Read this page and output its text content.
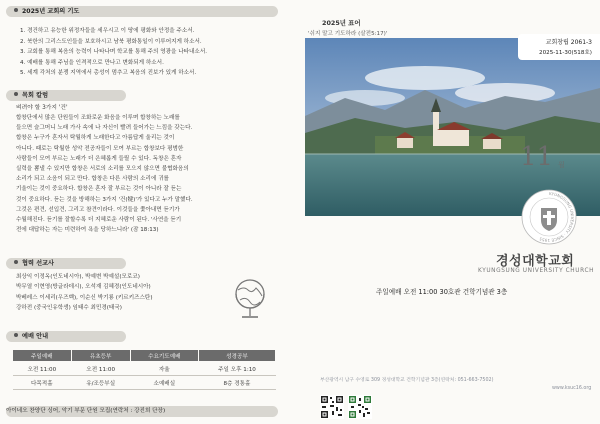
2025년 교회의 기도
1. 경건하고 유능한 위정자들을 세우시고 이 땅에 평화와 안정을 주소서.
2. 북한의 그리스도인들을 보호하시고 남북 평화통일이 이루어지게 하소서.
3. 교회를 통해 복음의 능력이 나타나며 학교를 통해 주의 영광을 나타내소서.
4. 예배를 통해 주님을 인격적으로 만나고 변화되게 하소서.
5. 세계 각처의 분쟁 지역에서 총성이 멈추고 복음의 진보가 있게 하소서.
목회 칼럼
벼려야 할 3가지 '건'

합창단에서 많은 단원들이 조화로운 화음을 이루며 합창하는 노래를

들으면 슬그머니 노래 가사 속에 나 자신이 빨려 들어가는 느낌을 갖는다.

합창은 누구가 혼자서 탁월하게 노래한다고 아름답게 울리는 것이

아니다. 때로는 탁월한 성악 전공자들이 모여 부르는 합창보다 평범한

사람들이 모여 부르는 노래가 더 은혜롭게 들릴 수 있다. 독창은 혼자

실력을 뽐낼 수 있지만 합창은 서로의 소리를 모으지 않으면 불협화음의

소리가 되고 소음이 되고 만다. 합창은 다른 사람의 소리에 귀를

기울이는 것이 중요하다. 합창은 혼자 잘 부르는 것이 아니라 잘 듣는

것이 중요하다. 듣는 것을 방해하는 3가지 '건(犍)'가 있다고 누가 말했다.

그것은 편견, 선입견, 그리고 참견이라다. 이것들을 쫓아내면 듣기가

수월해진다. 듣기를 잘할수록 더 지혜로운 사람이 된다. '사연을 듣기

전에 대답하는 자는 미련하여 욕을 당하느니라' (잠 18:13)

협력 선교사
최상익 이정옥(인도네시아), 박예변 박예설(모로코)
박무열 이현영(방글라데시), 오석재 김혜경(인도네시아)
박베레스 이세리(우즈벡), 이순신 박기룡 (키르키즈스탄)
강하전 (중국인유학생) 임태수 최민경(태국)
예배 안내
주일예배	유초등부	수요기도예배	성경공부
오전 11:00	오전 11:00	자율	주일 오후 1:10
다목적홀	유/조등부실	소예배실	8층 경통홀
아이네오 찬양단 싱어, 악기 부문 단원 모집(연락처 : 강진희 단장)
2025년 표어
'쉬지 말고 기도하라 (살전5:17)'
교회창립 2061-3
2025-11-30(518호)
11 월
KYUNGSUNG UNIVERSITY · SINCE 1955
경성대학교회
KYUNGSUNG UNIVERSITY CHURCH
주일예배 오전 11:00 30호관 건학기념관 3층
부산광역시 남구 수영로 309 경성대학교 건학기념관 3층(연락처: 051-663-7502)
www.ksuc16.org
